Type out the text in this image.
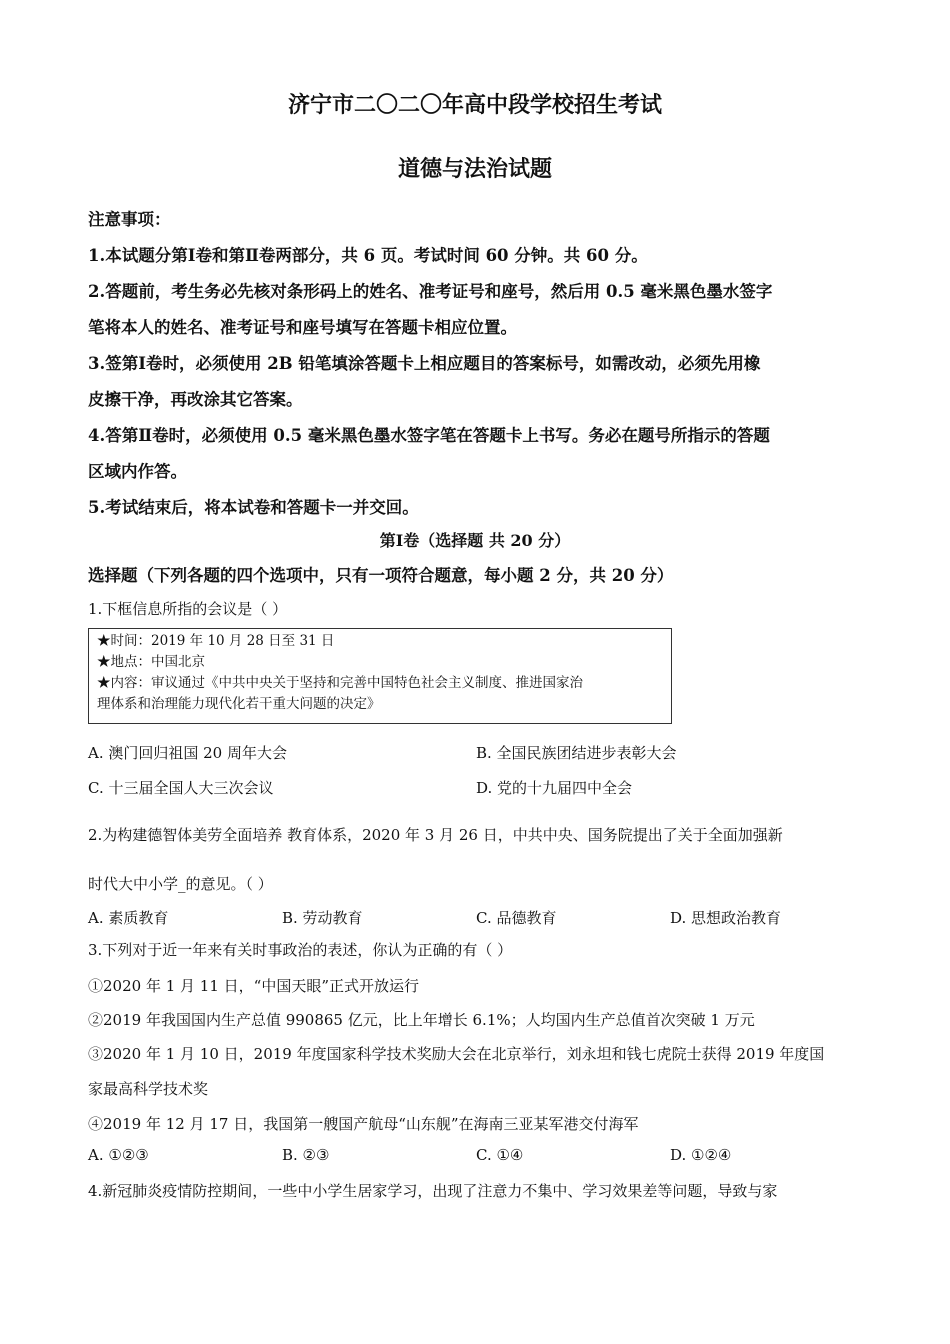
济宁市二〇二〇年高中段学校招生考试
道德与法治试题
注意事项：
1.本试题分第Ⅰ卷和第Ⅱ卷两部分，共 6 页。考试时间 60 分钟。共 60 分。
2.答题前，考生务必先核对条形码上的姓名、准考证号和座号，然后用 0.5 毫米黑色墨水签字
笔将本人的姓名、准考证号和座号填写在答题卡相应位置。
3.签第Ⅰ卷时，必须使用 2B 铅笔填涂答题卡上相应题目的答案标号，如需改动，必须先用橡
皮擦干净，再改涂其它答案。
4.答第Ⅱ卷时，必须使用 0.5 毫米黑色墨水签字笔在答题卡上书写。务必在题号所指示的答题
区域内作答。
5.考试结束后，将本试卷和答题卡一并交回。
第Ⅰ卷（选择题 共 20 分）
选择题（下列各题的四个选项中，只有一项符合题意，每小题 2 分，共 20 分）
1.下框信息所指的会议是（ ）
★时间：2019 年 10 月 28 日至 31 日
★地点：中国北京
★内容：审议通过《中共中央关于坚持和完善中国特色社会主义制度、推进国家治
理体系和治理能力现代化若干重大问题的决定》
A. 澳门回归祖国 20 周年大会	B. 全国民族团结进步表彰大会
C. 十三届全国人大三次会议	D. 党的十九届四中全会
2.为构建德智体美劳全面培养 教育体系，2020 年 3 月 26 日，中共中央、国务院提出了关于全面加强新
时代大中小学_的意见。（ ）
A. 素质教育	B. 劳动教育	C. 品德教育	D. 思想政治教育
3.下列对于近一年来有关时事政治的表述，你认为正确的有（ ）
①2020 年 1 月 11 日，“中国天眼”正式开放运行
②2019 年我国国内生产总值 990865 亿元，比上年增长 6.1%；人均国内生产总值首次突破 1 万元
③2020 年 1 月 10 日，2019 年度国家科学技术奖励大会在北京举行，刘永坦和钱七虎院士获得 2019 年度国
家最高科学技术奖
④2019 年 12 月 17 日，我国第一艘国产航母“山东舰”在海南三亚某军港交付海军
A. ①②③	B. ②③	C. ①④	D. ①②④
4.新冠肺炎疫情防控期间，一些中小学生居家学习，出现了注意力不集中、学习效果差等问题，导致与家
